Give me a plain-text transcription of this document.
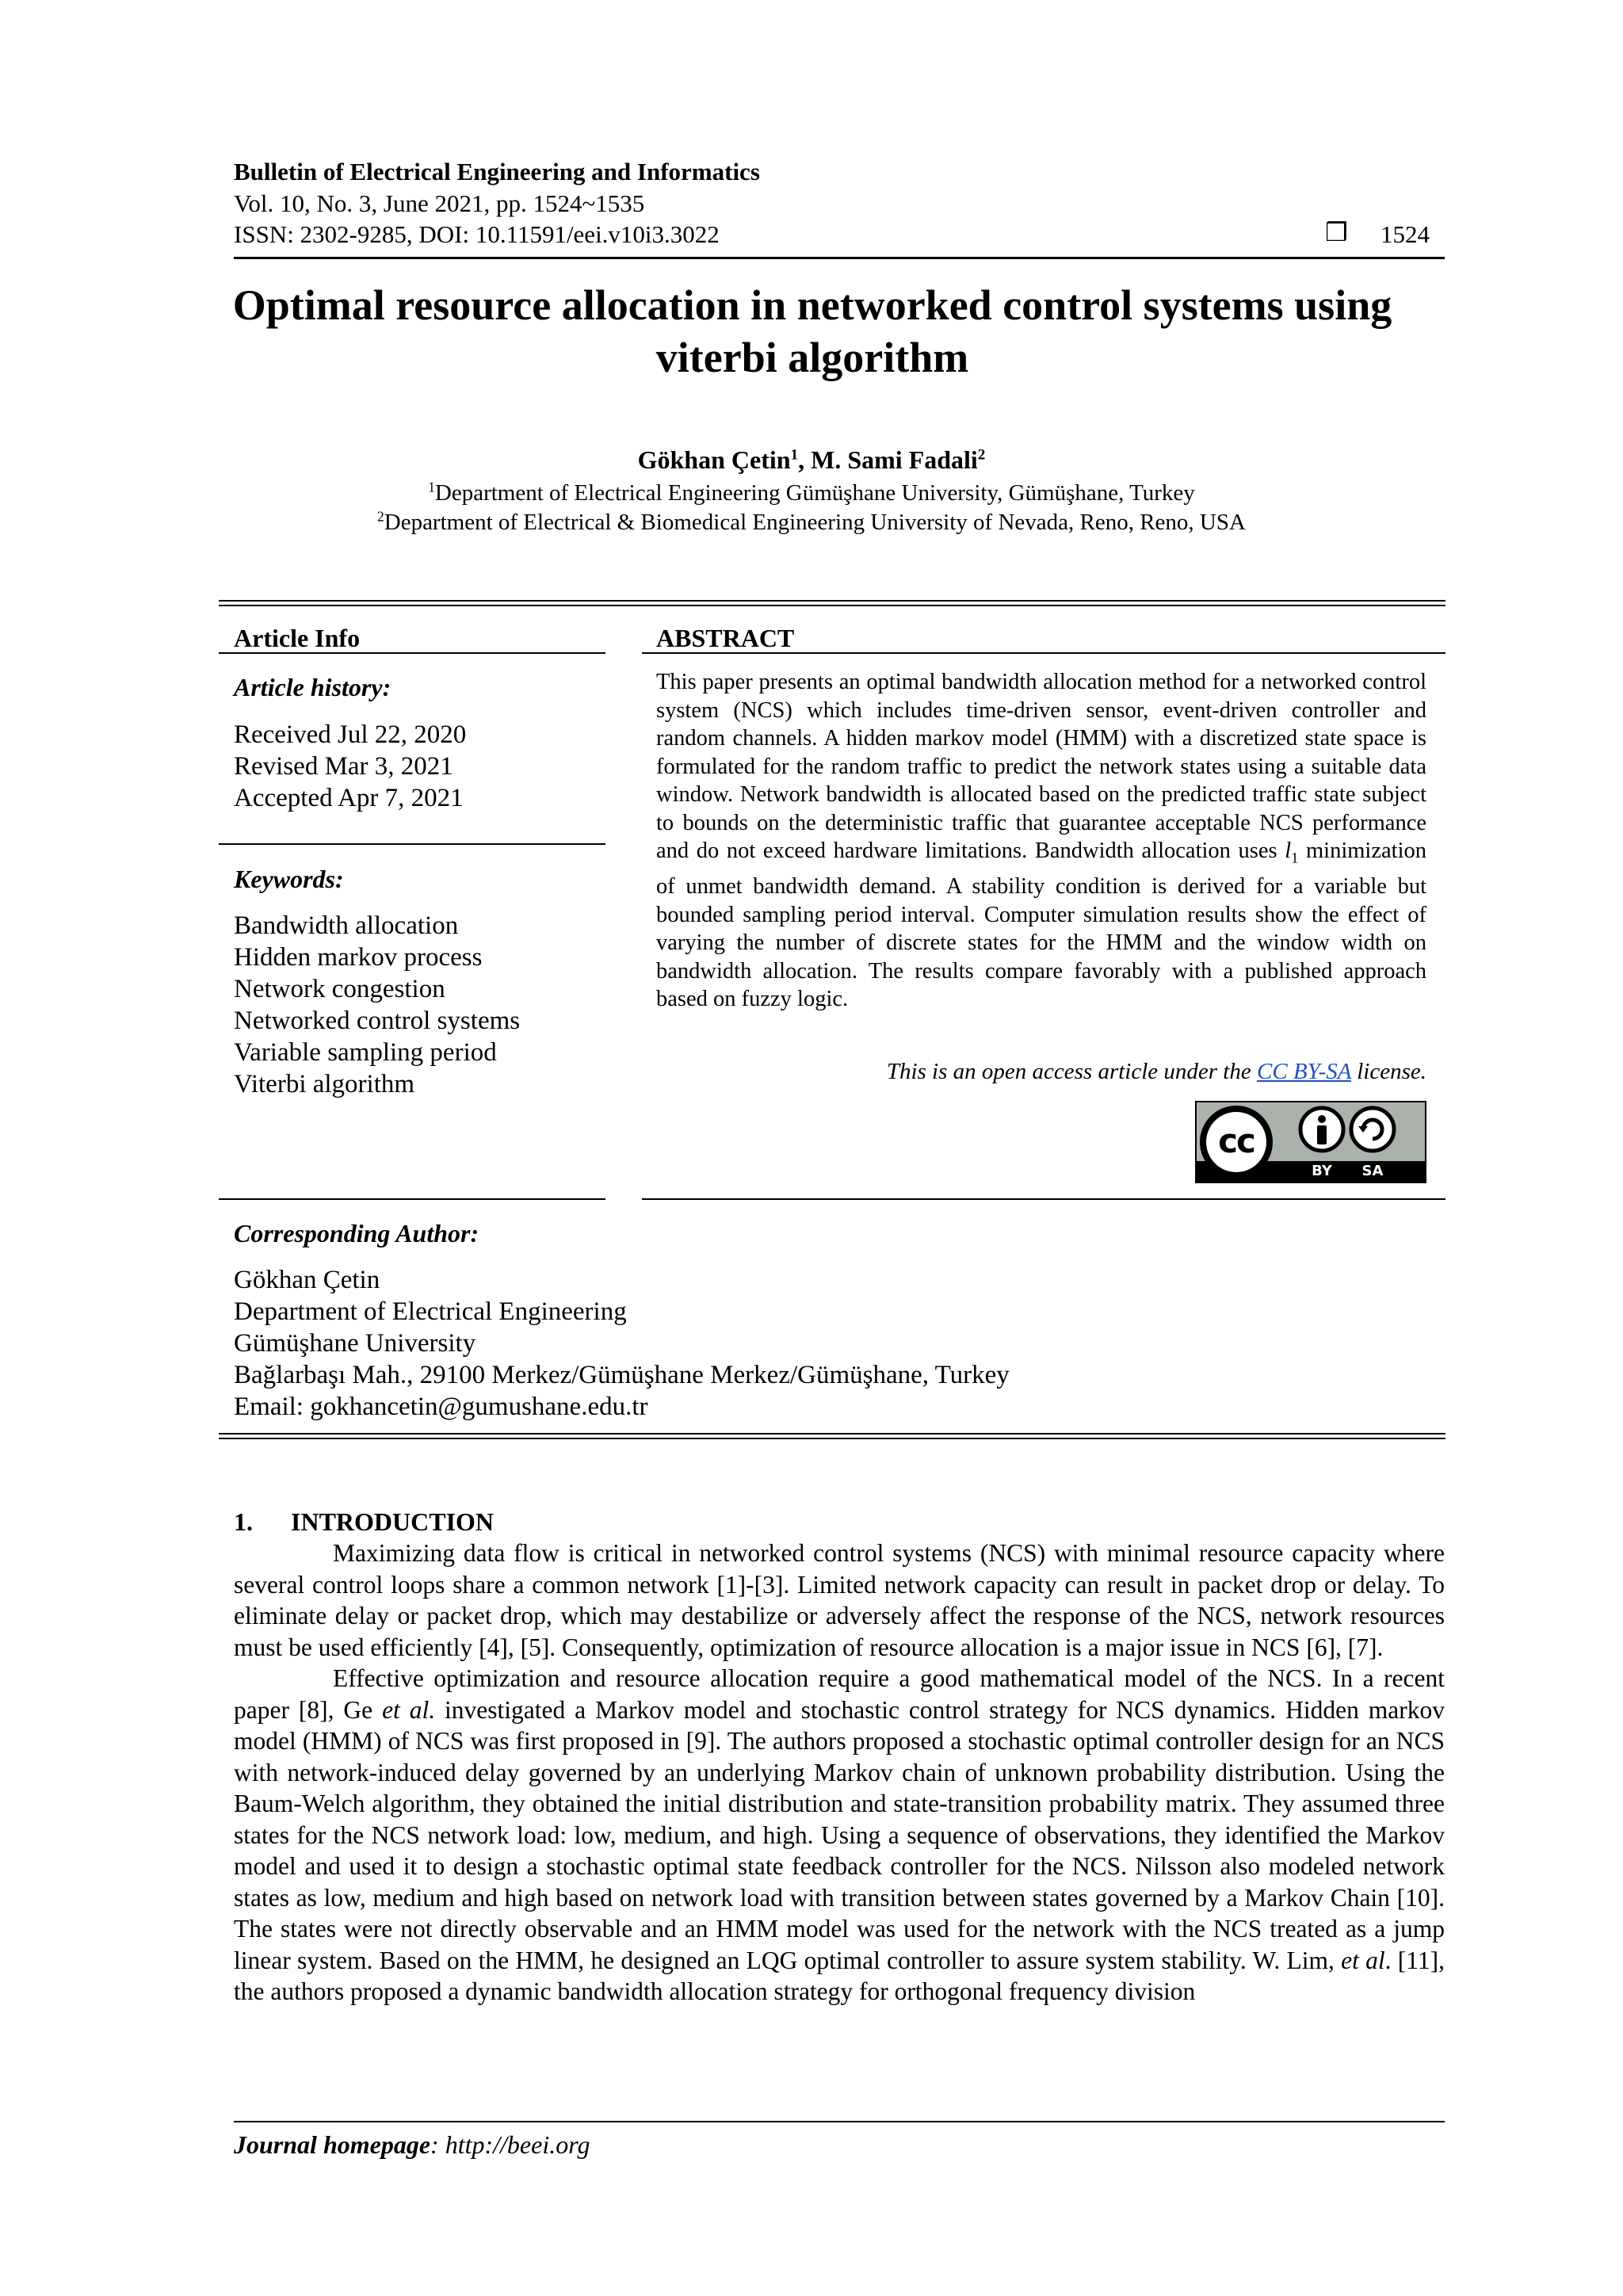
Bulletin of Electrical Engineering and Informatics
Vol. 10, No. 3, June 2021, pp. 1524~1535
ISSN: 2302-9285, DOI: 10.11591/eei.v10i3.3022	❒ 1524
Optimal resource allocation in networked control systems using
viterbi algorithm
Gökhan Çetin$^1$, M. Sami Fadali$^2$
$^1$Department of Electrical Engineering Gümüşhane University, Gümüşhane, Turkey
$^2$Department of Electrical & Biomedical Engineering University of Nevada, Reno, Reno, USA
Article Info
Article history:
Received Jul 22, 2020
Revised Mar 3, 2021
Accepted Apr 7, 2021
Keywords:
Bandwidth allocation
Hidden markov process
Network congestion
Networked control systems
Variable sampling period
Viterbi algorithm
ABSTRACT
This paper presents an optimal bandwidth allocation method for a networked control system (NCS) which includes time-driven sensor, event-driven controller and random channels. A hidden markov model (HMM) with a discretized state space is formulated for the random traffic to predict the network states using a suitable data window. Network bandwidth is allocated based on the predicted traffic state subject to bounds on the deterministic traffic that guarantee acceptable NCS performance and do not exceed hardware limitations. Bandwidth allocation uses $l_1$ minimization of unmet bandwidth demand. A stability condition is derived for a variable but bounded sampling period interval. Computer simulation results show the effect of varying the number of discrete states for the HMM and the window width on bandwidth allocation. The results compare favorably with a published approach based on fuzzy logic.
This is an open access article under the CC BY-SA license.
cc
BY SA
Corresponding Author:
Gökhan Çetin
Department of Electrical Engineering
Gümüşhane University
Bağlarbaşı Mah., 29100 Merkez/Gümüşhane Merkez/Gümüşhane, Turkey
Email: gokhancetin@gumushane.edu.tr
1. INTRODUCTION

Maximizing data flow is critical in networked control systems (NCS) with minimal resource capacity where several control loops share a common network [1]-[3]. Limited network capacity can result in packet drop or delay. To eliminate delay or packet drop, which may destabilize or adversely affect the response of the NCS, network resources must be used efficiently [4], [5]. Consequently, optimization of resource allocation is a major issue in NCS [6], [7].

Effective optimization and resource allocation require a good mathematical model of the NCS. In a recent paper [8], Ge et al. investigated a Markov model and stochastic control strategy for NCS dynamics. Hidden markov model (HMM) of NCS was first proposed in [9]. The authors proposed a stochastic optimal controller design for an NCS with network-induced delay governed by an underlying Markov chain of unknown probability distribution. Using the Baum-Welch algorithm, they obtained the initial distribution and state-transition probability matrix. They assumed three states for the NCS network load: low, medium, and high. Using a sequence of observations, they identified the Markov model and used it to design a stochastic optimal state feedback controller for the NCS. Nilsson also modeled network states as low, medium and high based on network load with transition between states governed by a Markov Chain [10]. The states were not directly observable and an HMM model was used for the network with the NCS treated as a jump linear system. Based on the HMM, he designed an LQG optimal controller to assure system stability. W. Lim, et al. [11], the authors proposed a dynamic bandwidth allocation strategy for orthogonal frequency division

Journal homepage: http://beei.org
